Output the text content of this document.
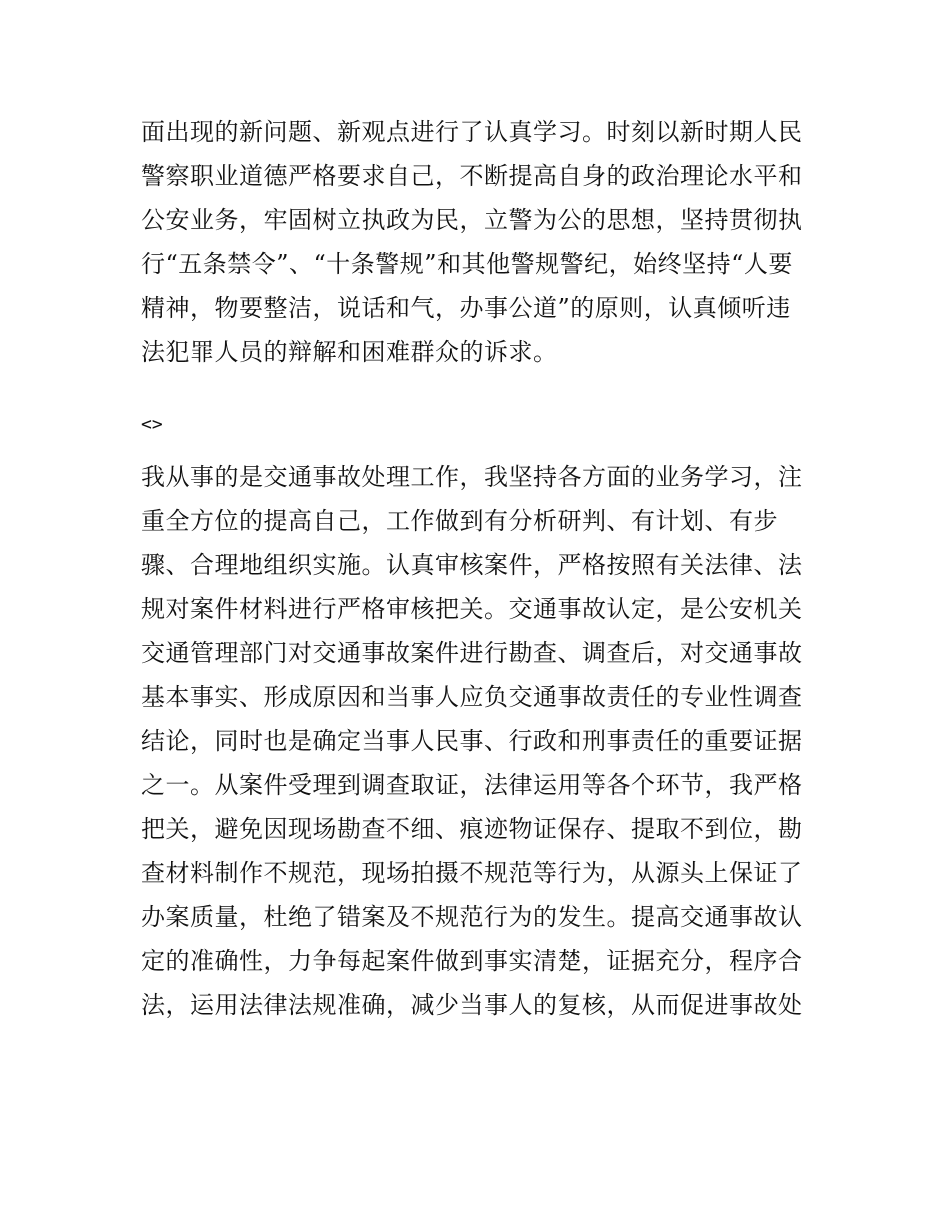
面出现的新问题、新观点进行了认真学习。时刻以新时期人民
警察职业道德严格要求自己，不断提高自身的政治理论水平和
公安业务，牢固树立执政为民，立警为公的思想，坚持贯彻执
行“五条禁令”、“十条警规”和其他警规警纪，始终坚持“人要
精神，物要整洁，说话和气，办事公道”的原则，认真倾听违
法犯罪人员的辩解和困难群众的诉求。
<>
我从事的是交通事故处理工作，我坚持各方面的业务学习，注
重全方位的提高自己，工作做到有分析研判、有计划、有步
骤、合理地组织实施。认真审核案件，严格按照有关法律、法
规对案件材料进行严格审核把关。交通事故认定，是公安机关
交通管理部门对交通事故案件进行勘查、调查后，对交通事故
基本事实、形成原因和当事人应负交通事故责任的专业性调查
结论，同时也是确定当事人民事、行政和刑事责任的重要证据
之一。从案件受理到调查取证，法律运用等各个环节，我严格
把关，避免因现场勘查不细、痕迹物证保存、提取不到位，勘
查材料制作不规范，现场拍摄不规范等行为，从源头上保证了
办案质量，杜绝了错案及不规范行为的发生。提高交通事故认
定的准确性，力争每起案件做到事实清楚，证据充分，程序合
法，运用法律法规准确，减少当事人的复核，从而促进事故处
